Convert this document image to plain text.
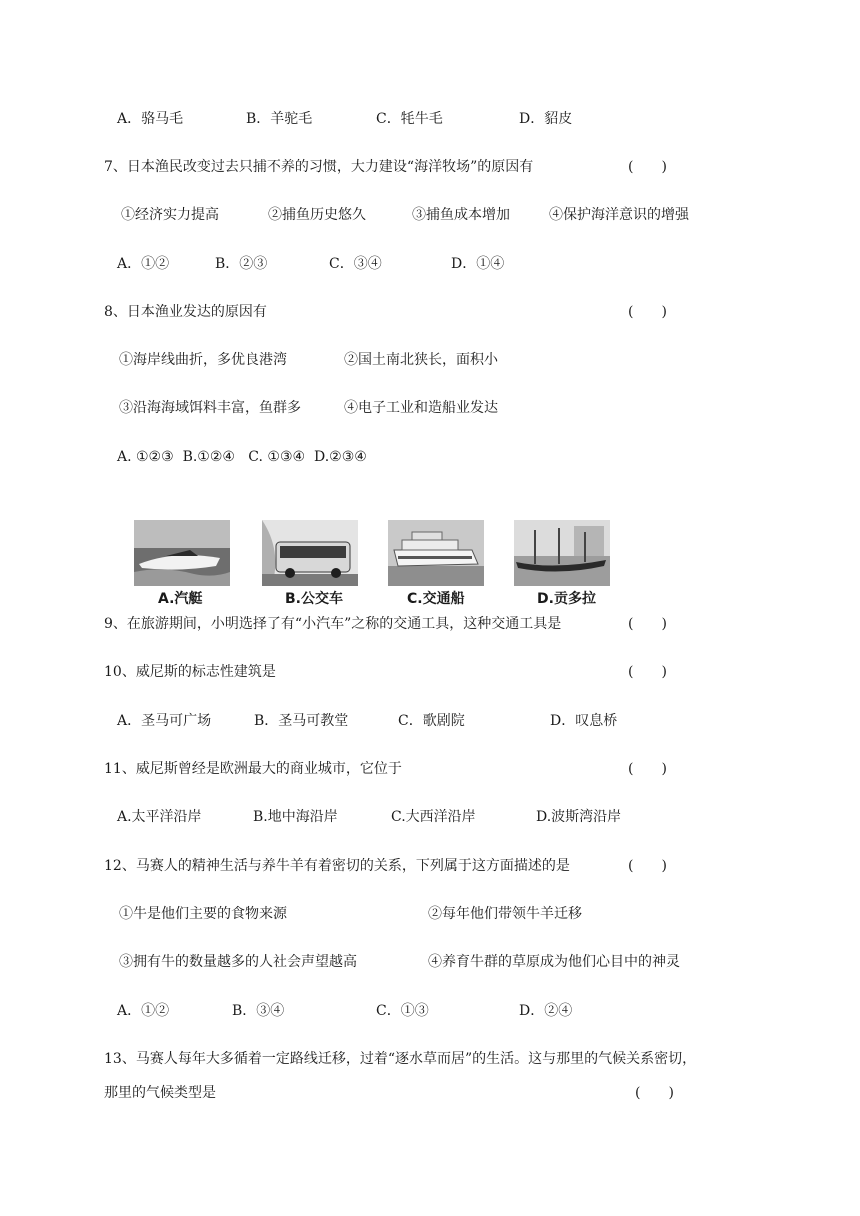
A．骆马毛	B．羊驼毛	C．牦牛毛	D．貂皮
7、日本渔民改变过去只捕不养的习惯，大力建设“海洋牧场”的原因有	(　　)
①经济实力提高	②捕鱼历史悠久	③捕鱼成本增加	④保护海洋意识的增强
A．①②	B．②③	C．③④	D．①④
8、日本渔业发达的原因有	(　　)
①海岸线曲折，多优良港湾	②国土南北狭长，面积小
③沿海海域饵料丰富，鱼群多	④电子工业和造船业发达
A. ①②③  B.①②④   C. ①③④  D.②③④
A.汽艇	B.公交车	C.交通船	D.贡多拉
9、在旅游期间，小明选择了有“小汽车”之称的交通工具，这种交通工具是	(　　)
10、威尼斯的标志性建筑是	(　　)
A．圣马可广场	B．圣马可教堂	C．歌剧院	D．叹息桥
11、威尼斯曾经是欧洲最大的商业城市，它位于	(　　)
A.太平洋沿岸	B.地中海沿岸	C.大西洋沿岸	D.波斯湾沿岸
12、马赛人的精神生活与养牛羊有着密切的关系，下列属于这方面描述的是	(　　)
①牛是他们主要的食物来源	②每年他们带领牛羊迁移
③拥有牛的数量越多的人社会声望越高	④养育牛群的草原成为他们心目中的神灵
A．①②	B．③④	C．①③	D．②④
13、马赛人每年大多循着一定路线迁移，过着“逐水草而居”的生活。这与那里的气候关系密切，
那里的气候类型是	(　　)
